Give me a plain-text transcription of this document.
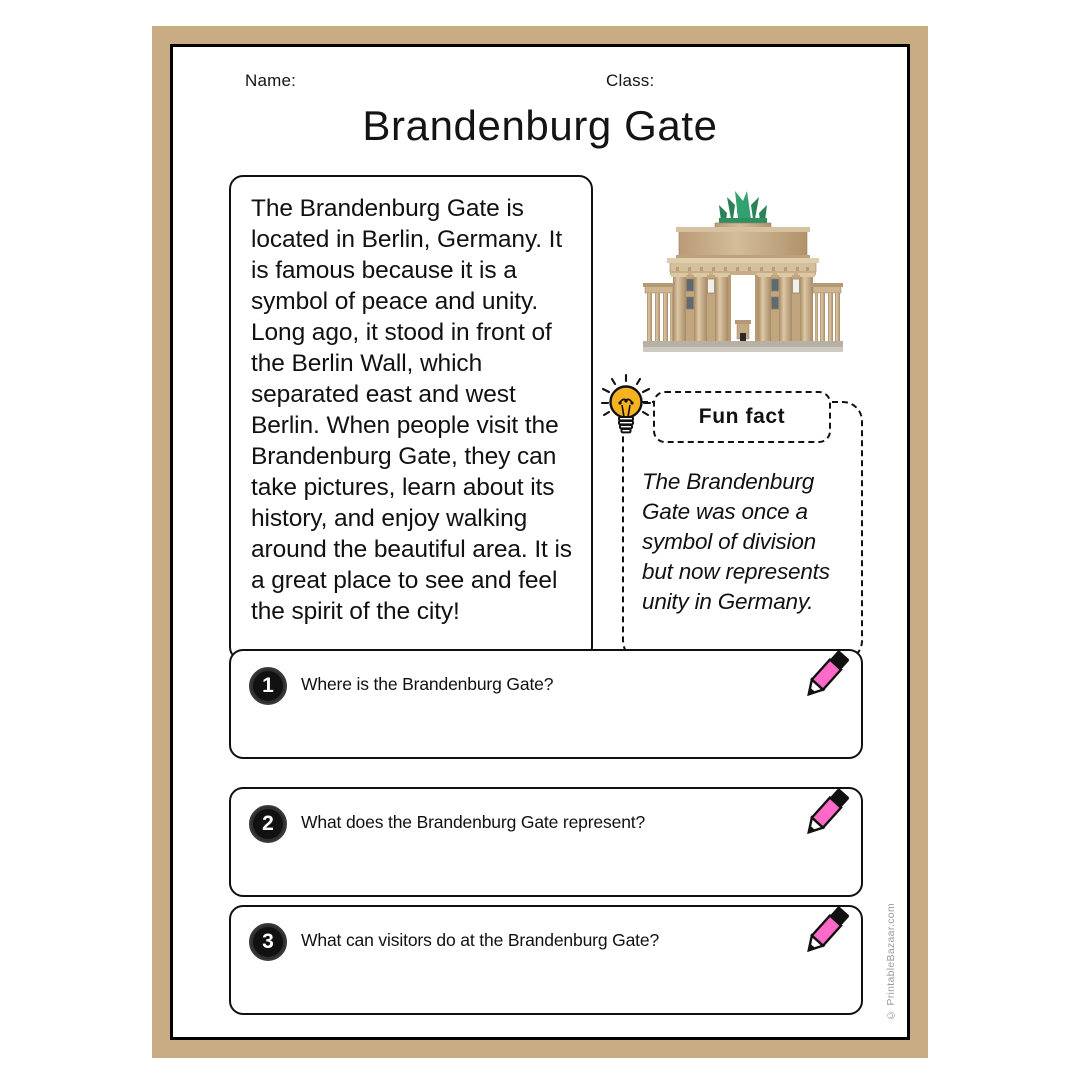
Name:	Class:
Brandenburg Gate
The Brandenburg Gate is located in Berlin, Germany. It is famous because it is a symbol of peace and unity. Long ago, it stood in front of the Berlin Wall, which separated east and west Berlin. When people visit the Brandenburg Gate, they can take pictures, learn about its history, and enjoy walking around the beautiful area. It is a great place to see and feel the spirit of the city!
Fun fact
The Brandenburg Gate was once a symbol of division but now represents unity in Germany.
1	Where is the Brandenburg Gate?
2	What does the Brandenburg Gate represent?
3	What can visitors do at the Brandenburg Gate?	© PrintableBazaar.com
